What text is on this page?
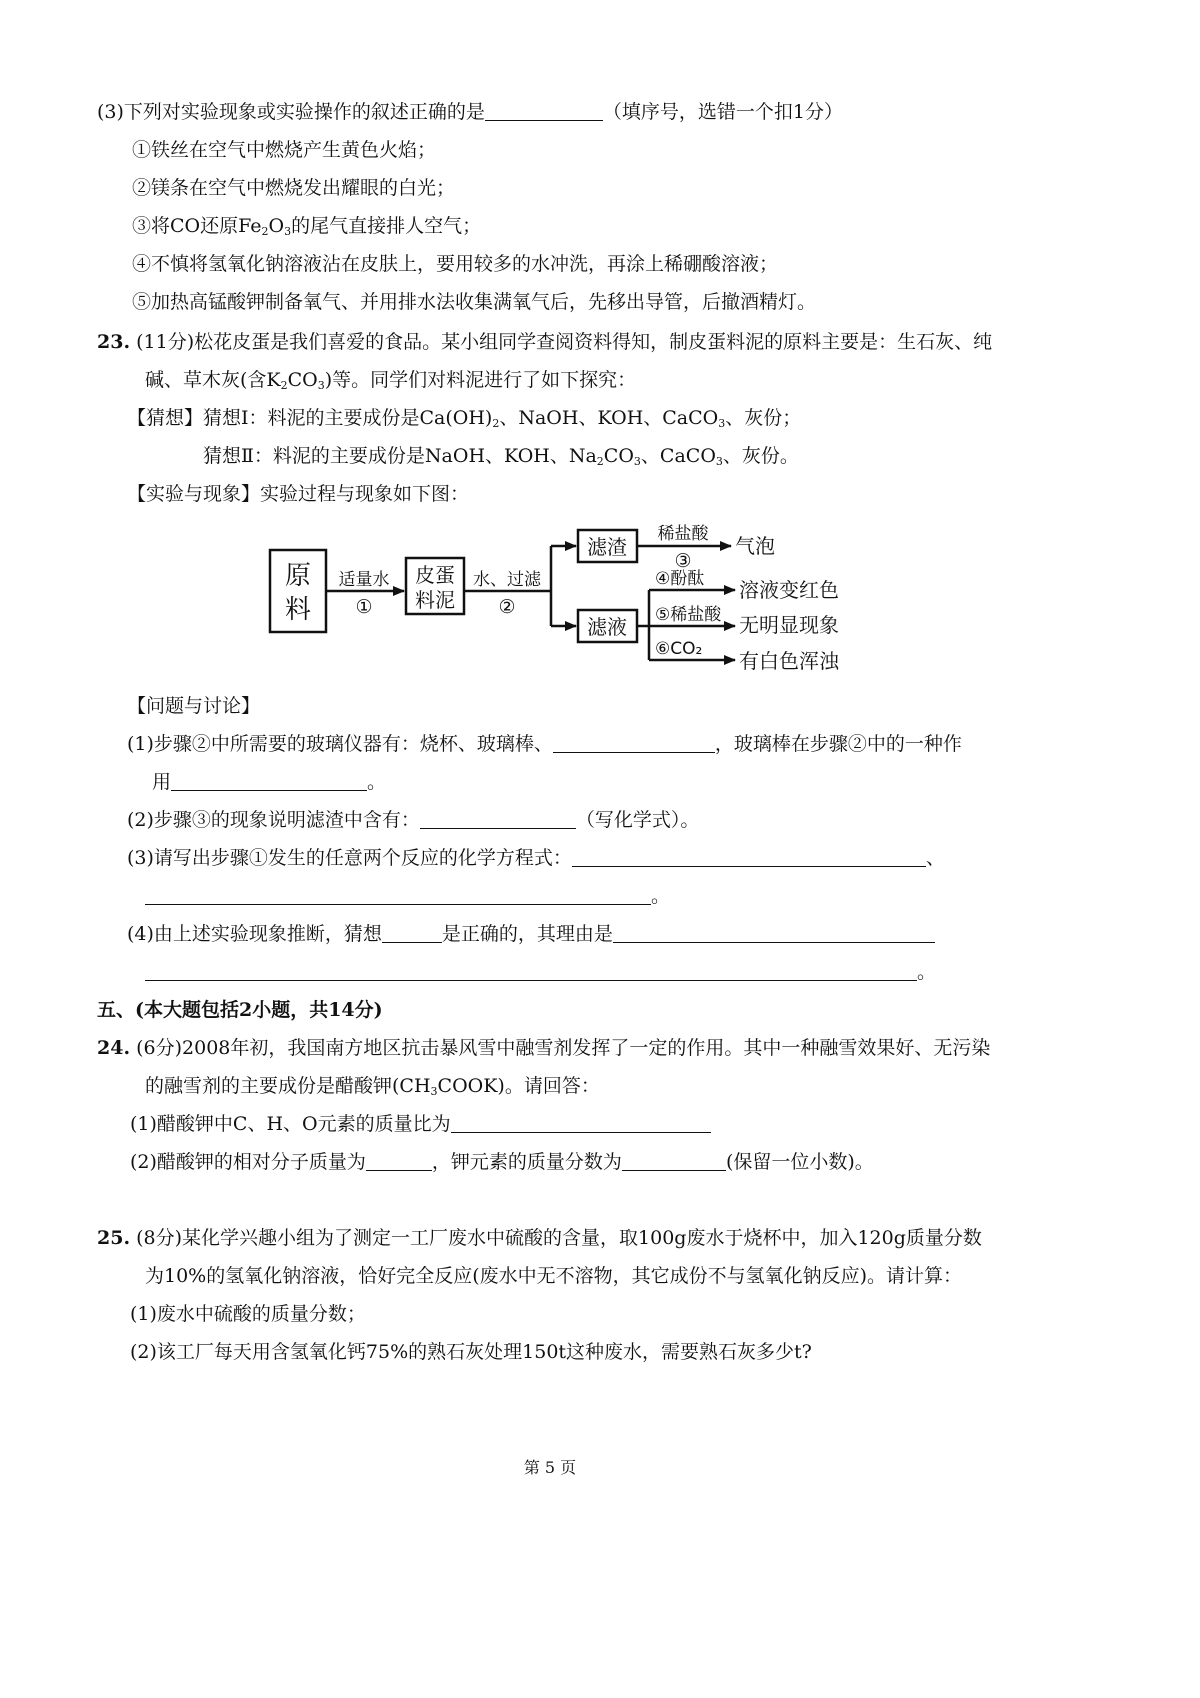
(3)下列对实验现象或实验操作的叙述正确的是	（填序号，选错一个扣1分）
①铁丝在空气中燃烧产生黄色火焰；
②镁条在空气中燃烧发出耀眼的白光；
③将CO还原$Fe_2O_3$的尾气直接排人空气；
④不慎将氢氧化钠溶液沾在皮肤上，要用较多的水冲洗，再涂上稀硼酸溶液；
⑤加热高锰酸钾制备氧气、并用排水法收集满氧气后，先移出导管，后撤酒精灯。
23. (11分)松花皮蛋是我们喜爱的食品。某小组同学查阅资料得知，制皮蛋料泥的原料主要是：生石灰、纯
碱、草木灰(含$K_2CO_3$)等。同学们对料泥进行了如下探究：
【猜想】猜想Ⅰ：料泥的主要成份是$Ca(OH)_2$、NaOH、KOH、CaCO$_3$、灰份；
猜想Ⅱ：料泥的主要成份是NaOH、KOH、$Na_2CO_3$、CaCO$_3$、灰份。
【实验与现象】实验过程与现象如下图：
原
料
适量水
①
皮蛋
料泥
水、过滤
②
滤渣
稀盐酸
③
气泡
滤液
④酚酞
⑤稀盐酸
⑥CO₂
溶液变红色
无明显现象
有白色浑浊
【问题与讨论】
(1)步骤②中所需要的玻璃仪器有：烧杯、玻璃棒、	，玻璃棒在步骤②中的一种作
用	。
(2)步骤③的现象说明滤渣中含有：	（写化学式）。
(3)请写出步骤①发生的任意两个反应的化学方程式：	、
。
(4)由上述实验现象推断，猜想	是正确的，其理由是
。
五、(本大题包括2小题，共14分)
24. (6分)2008年初，我国南方地区抗击暴风雪中融雪剂发挥了一定的作用。其中一种融雪效果好、无污染
的融雪剂的主要成份是醋酸钾$(CH_3COOK)$。请回答：
(1)醋酸钾中C、H、O元素的质量比为
(2)醋酸钾的相对分子质量为	，钾元素的质量分数为	(保留一位小数)。
25. (8分)某化学兴趣小组为了测定一工厂废水中硫酸的含量，取100g废水于烧杯中，加入120g质量分数
为10%的氢氧化钠溶液，恰好完全反应(废水中无不溶物，其它成份不与氢氧化钠反应)。请计算：
(1)废水中硫酸的质量分数；
(2)该工厂每天用含氢氧化钙75%的熟石灰处理150t这种废水，需要熟石灰多少t?
第 5 页
